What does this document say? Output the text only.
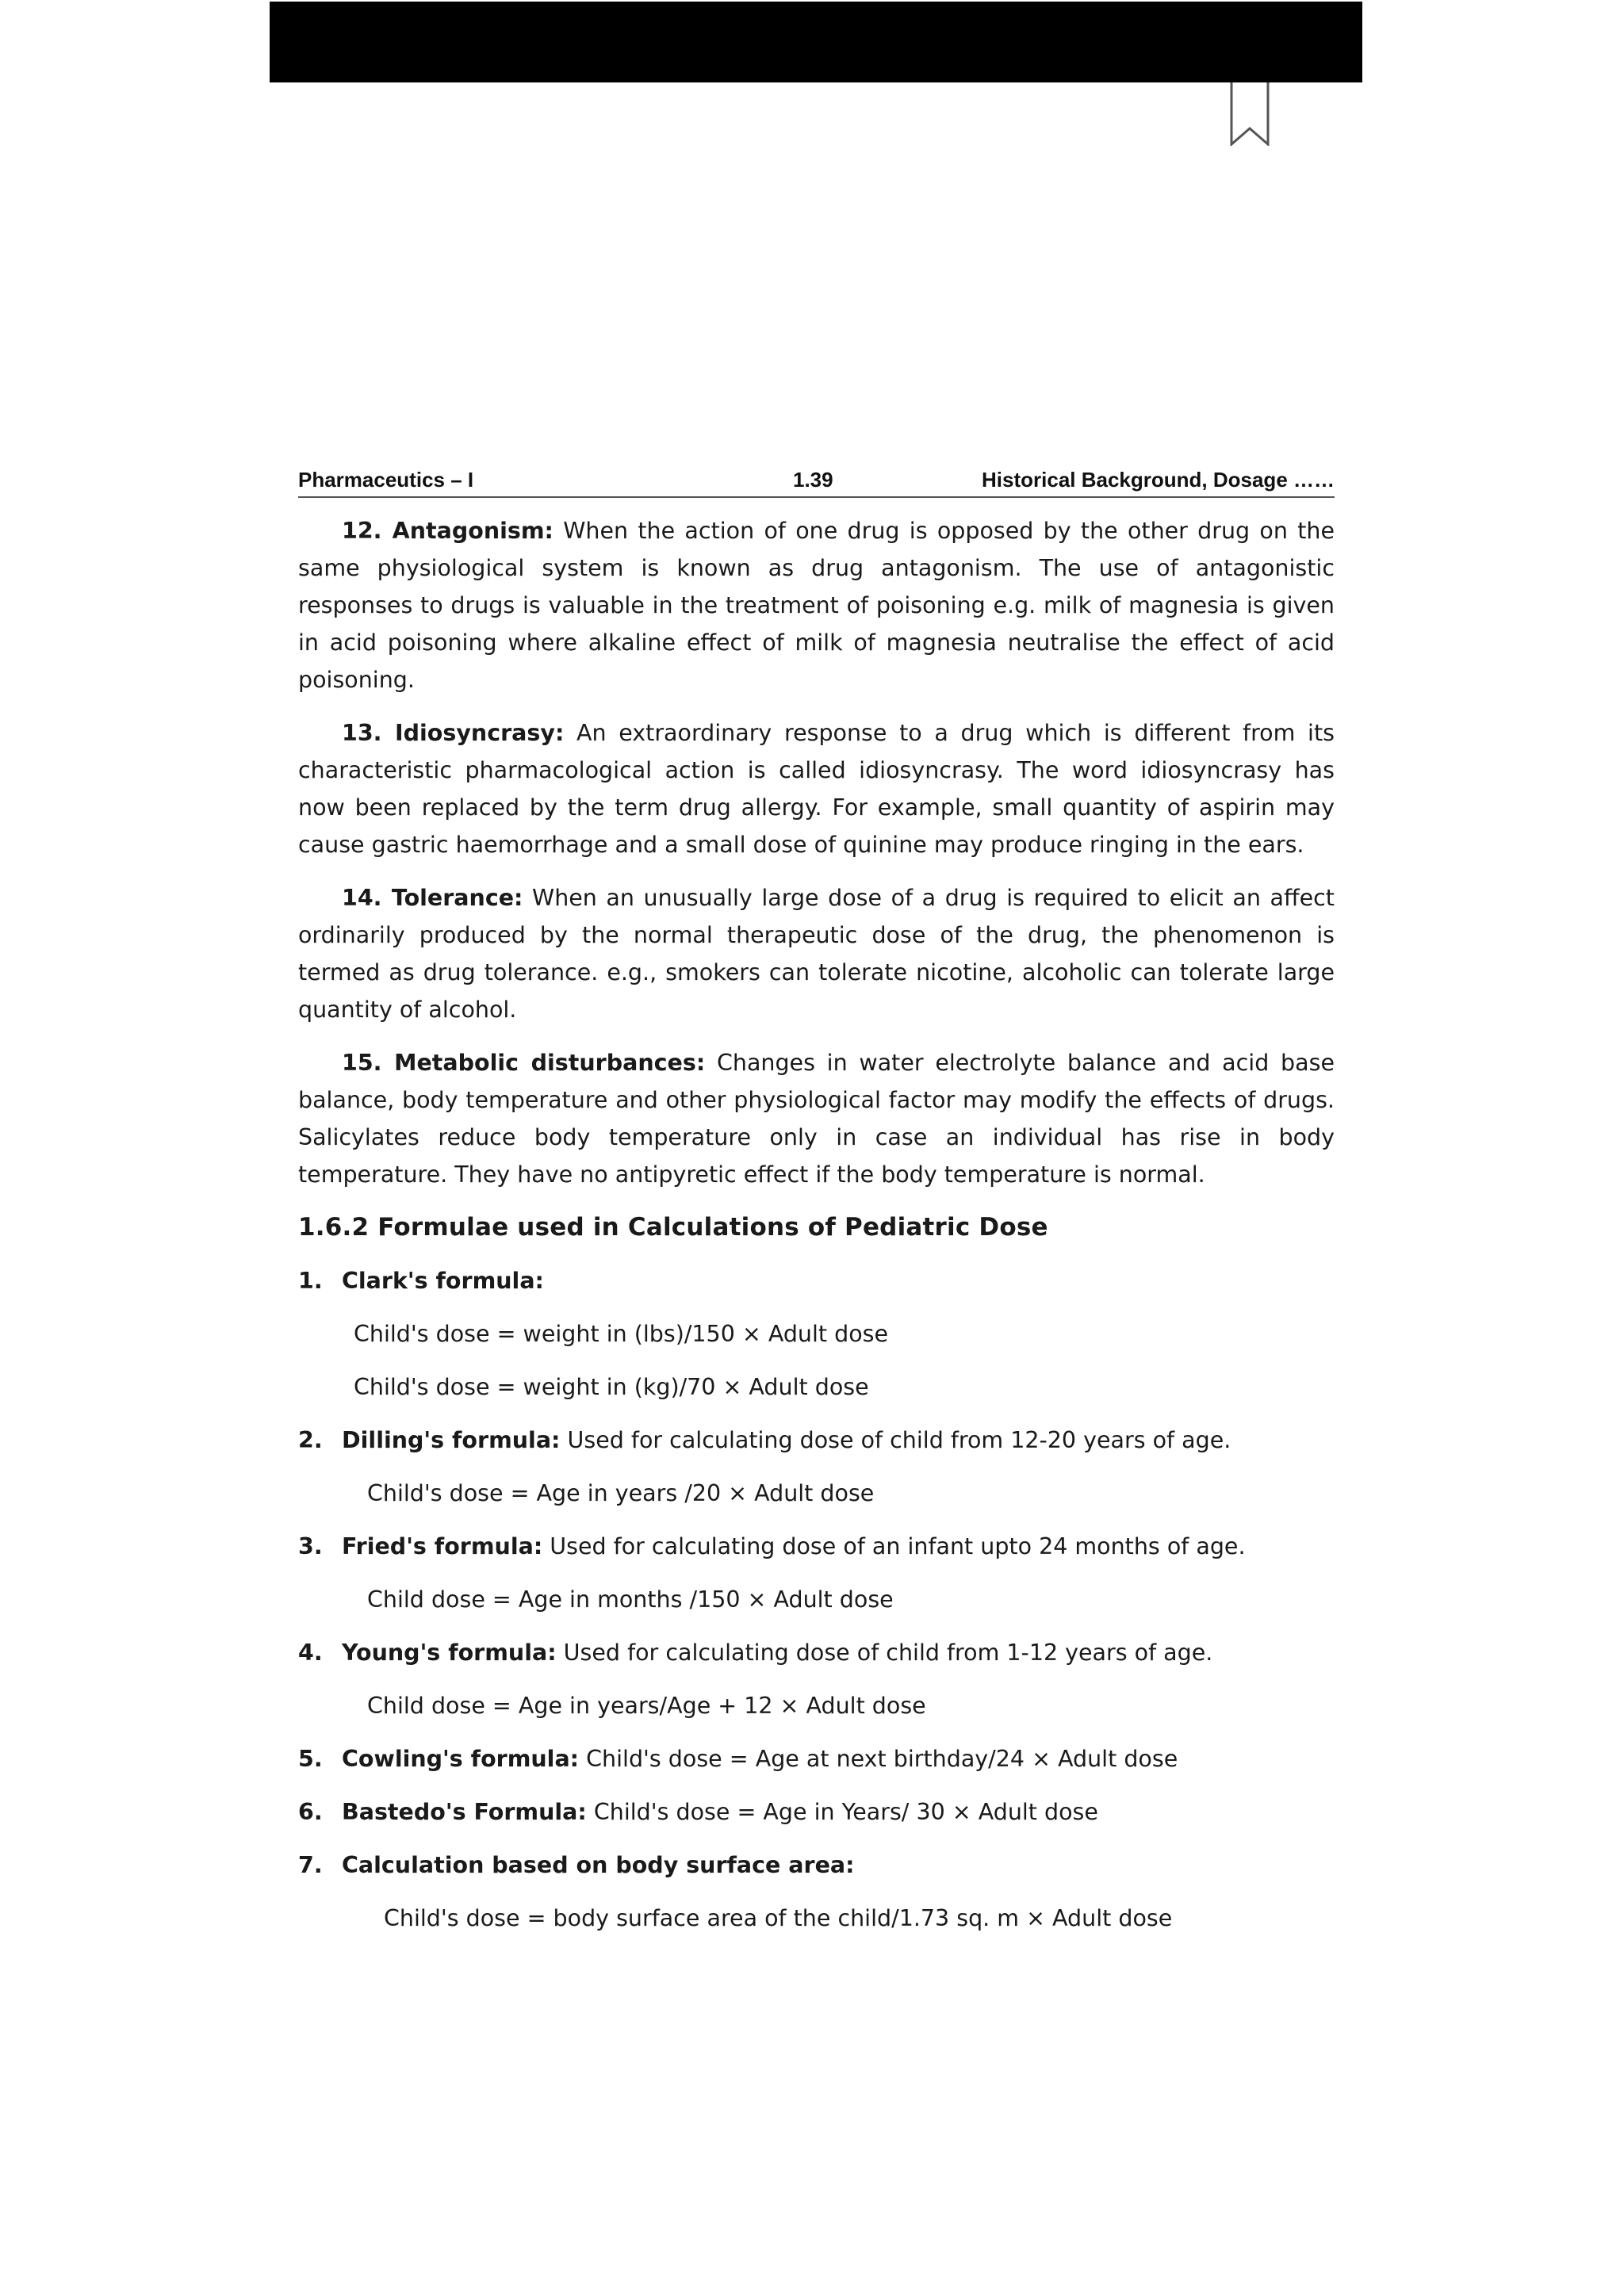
Pharmaceutics – I	1.39	Historical Background, Dosage ……

12. Antagonism: When the action of one drug is opposed by the other drug on the same physiological system is known as drug antagonism. The use of antagonistic responses to drugs is valuable in the treatment of poisoning e.g. milk of magnesia is given in acid poisoning where alkaline effect of milk of magnesia neutralise the effect of acid poisoning.

13. Idiosyncrasy: An extraordinary response to a drug which is different from its characteristic pharmacological action is called idiosyncrasy. The word idiosyncrasy has now been replaced by the term drug allergy. For example, small quantity of aspirin may cause gastric haemorrhage and a small dose of quinine may produce ringing in the ears.

14. Tolerance: When an unusually large dose of a drug is required to elicit an affect ordinarily produced by the normal therapeutic dose of the drug, the phenomenon is termed as drug tolerance. e.g., smokers can tolerate nicotine, alcoholic can tolerate large quantity of alcohol.

15. Metabolic disturbances: Changes in water electrolyte balance and acid base balance, body temperature and other physiological factor may modify the effects of drugs. Salicylates reduce body temperature only in case an individual has rise in body temperature. They have no antipyretic effect if the body temperature is normal.

1.6.2 Formulae used in Calculations of Pediatric Dose
1. Clark's formula:
Child's dose = weight in (lbs)/150 × Adult dose
Child's dose = weight in (kg)/70 × Adult dose
2. Dilling's formula: Used for calculating dose of child from 12-20 years of age.
Child's dose = Age in years /20 × Adult dose
3. Fried's formula: Used for calculating dose of an infant upto 24 months of age.
Child dose = Age in months /150 × Adult dose
4. Young's formula: Used for calculating dose of child from 1-12 years of age.
Child dose = Age in years/Age + 12 × Adult dose
5. Cowling's formula: Child's dose = Age at next birthday/24 × Adult dose
6. Bastedo's Formula: Child's dose = Age in Years/ 30 × Adult dose
7. Calculation based on body surface area:
Child's dose = body surface area of the child/1.73 sq. m × Adult dose
